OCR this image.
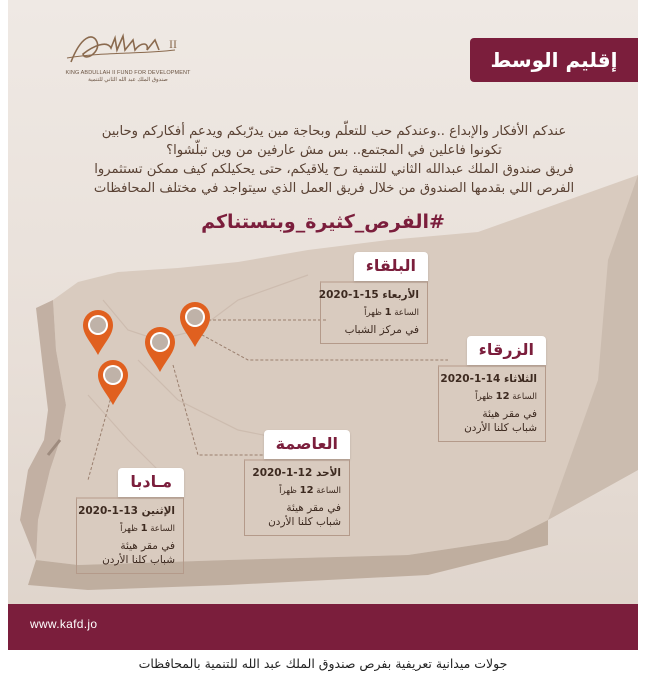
II
KING ABDULLAH II FUND FOR DEVELOPMENT
صندوق الملك عبد الله الثاني للتنمية
إقليم الوسط
عندكم الأفكار والإبداع ..وعندكم حب للتعلّم وبحاجة مين يدرّبكم ويدعم أفكاركم وحابين
تكونوا فاعلين في المجتمع.. بس مش عارفين من وين تبلّشوا؟
فريق صندوق الملك عبدالله الثاني للتنمية رح يلاقيكم، حتى يحكيلكم كيف ممكن تستثمروا
الفرص اللي بقدمها الصندوق من خلال فريق العمل الذي سيتواجد في مختلف المحافظات
#الفرص_كثيرة_وبتستناكم
البلقاء
الأربعاء 15-1-2020
الساعة 1 ظهراً
في مركز الشباب
الزرقاء
الثلاثاء 14-1-2020
الساعة 12 ظهراً
في مقر هيئة
شباب كلنا الأردن
العاصمة
الأحد 12-1-2020
الساعة 12 ظهراً
في مقر هيئة
شباب كلنا الأردن
مـادبا
الإثنين 13-1-2020
الساعة 1 ظهراً
في مقر هيئة
شباب كلنا الأردن
www.kafd.jo
جولات ميدانية تعريفية بفرص صندوق الملك عبد الله للتنمية بالمحافظات
